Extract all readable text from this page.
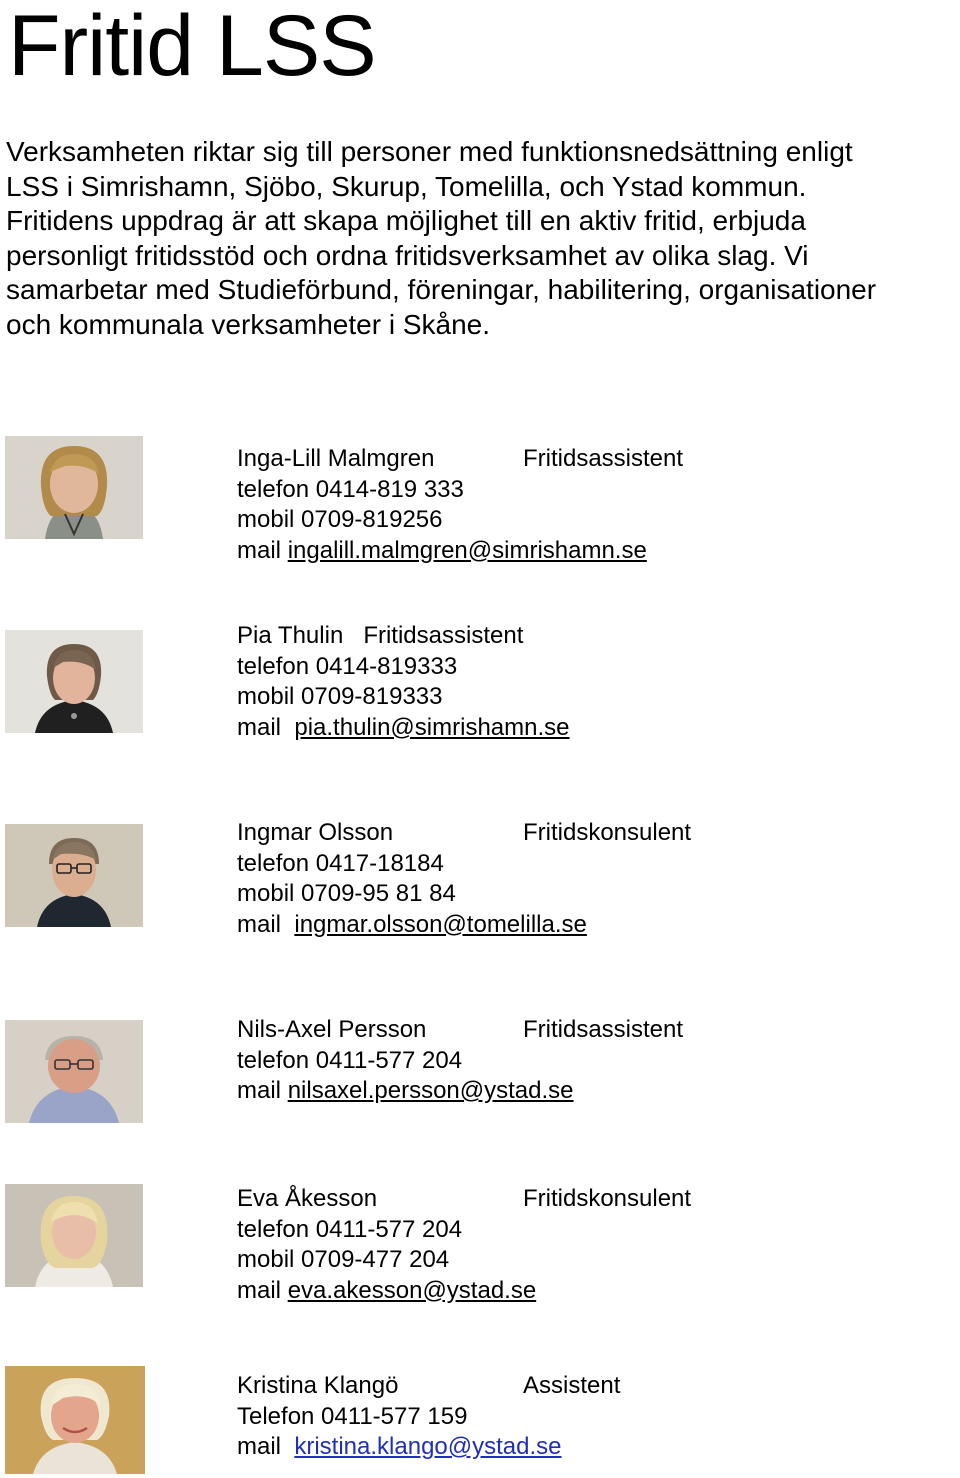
Fritid LSS
Verksamheten riktar sig till personer med funktionsnedsättning enligt
LSS i Simrishamn, Sjöbo, Skurup, Tomelilla, och Ystad kommun.
Fritidens uppdrag är att skapa möjlighet till en aktiv fritid, erbjuda
personligt fritidsstöd och ordna fritidsverksamhet av olika slag. Vi
samarbetar med Studieförbund, föreningar, habilitering, organisationer
och kommunala verksamheter i Skåne.
Inga-Lill Malmgren	Fritidsassistent
telefon 0414-819 333
mobil 0709-819256
mail ingalill.malmgren@simrishamn.se
Pia Thulin Fritidsassistent
telefon 0414-819333
mobil 0709-819333
mail pia.thulin@simrishamn.se
Ingmar Olsson	Fritidskonsulent
telefon 0417-18184
mobil 0709-95 81 84
mail ingmar.olsson@tomelilla.se
Nils-Axel Persson	Fritidsassistent
telefon 0411-577 204
mail nilsaxel.persson@ystad.se
Eva Åkesson	Fritidskonsulent
telefon 0411-577 204
mobil 0709-477 204
mail eva.akesson@ystad.se
Kristina Klangö	Assistent
Telefon 0411-577 159
mail kristina.klango@ystad.se
